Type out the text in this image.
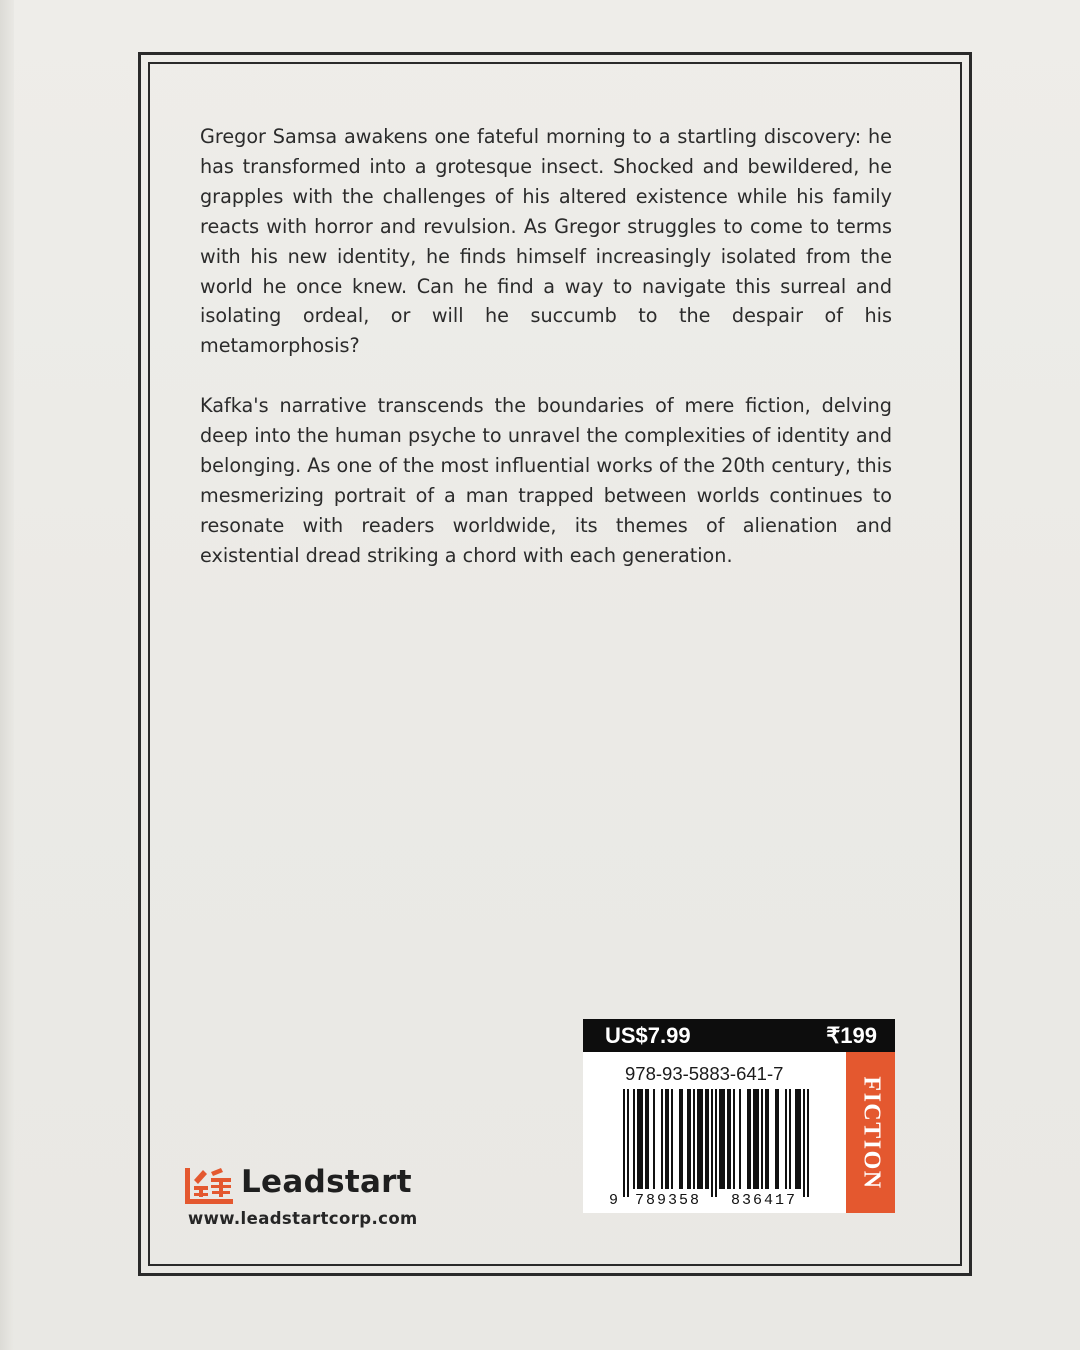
Gregor Samsa awakens one fateful morning to a startling discovery: he has transformed into a grotesque insect. Shocked and bewildered, he grapples with the challenges of his altered existence while his family reacts with horror and revulsion. As Gregor struggles to come to terms with his new identity, he finds himself increasingly isolated from the world he once knew. Can he find a way to navigate this surreal and isolating ordeal, or will he succumb to the despair of his metamorphosis?

Kafka's narrative transcends the boundaries of mere fiction, delving deep into the human psyche to unravel the complexities of identity and belonging. As one of the most influential works of the 20th century, this mesmerizing portrait of a man trapped between worlds continues to resonate with readers worldwide, its themes of alienation and existential dread striking a chord with each generation.

Leadstart
www.leadstartcorp.com
US$7.99	₹199
978-93-5883-641-7
9 789358 836417
FICTION
